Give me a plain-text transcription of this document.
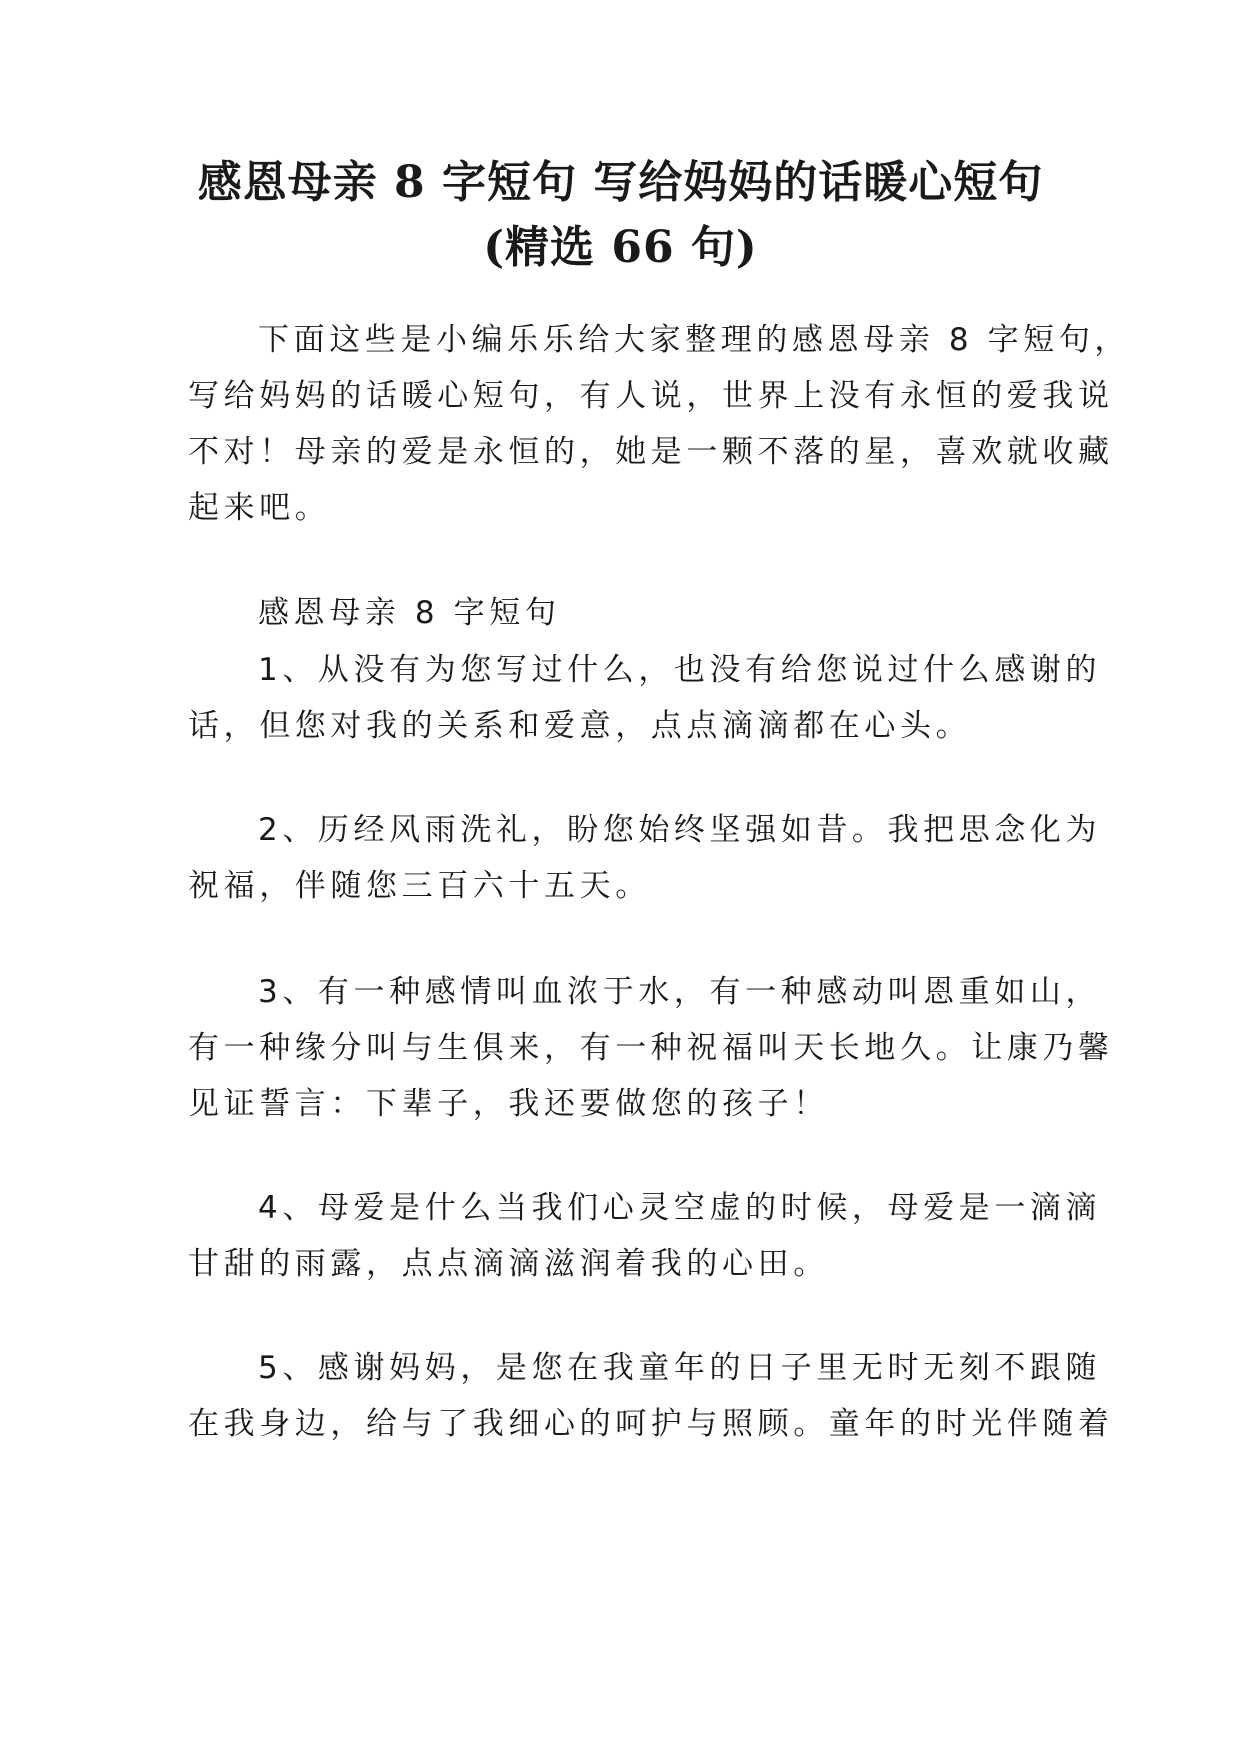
感恩母亲 8 字短句 写给妈妈的话暖心短句
(精选 66 句)

下面这些是小编乐乐给大家整理的感恩母亲 8 字短句，

写给妈妈的话暖心短句，有人说，世界上没有永恒的爱我说

不对！母亲的爱是永恒的，她是一颗不落的星，喜欢就收藏

起来吧。

感恩母亲 8 字短句

1、从没有为您写过什么，也没有给您说过什么感谢的

话，但您对我的关系和爱意，点点滴滴都在心头。

2、历经风雨洗礼，盼您始终坚强如昔。我把思念化为

祝福，伴随您三百六十五天。

3、有一种感情叫血浓于水，有一种感动叫恩重如山，

有一种缘分叫与生俱来，有一种祝福叫天长地久。让康乃馨

见证誓言：下辈子，我还要做您的孩子！

4、母爱是什么当我们心灵空虚的时候，母爱是一滴滴

甘甜的雨露，点点滴滴滋润着我的心田。

5、感谢妈妈，是您在我童年的日子里无时无刻不跟随

在我身边，给与了我细心的呵护与照顾。童年的时光伴随着
